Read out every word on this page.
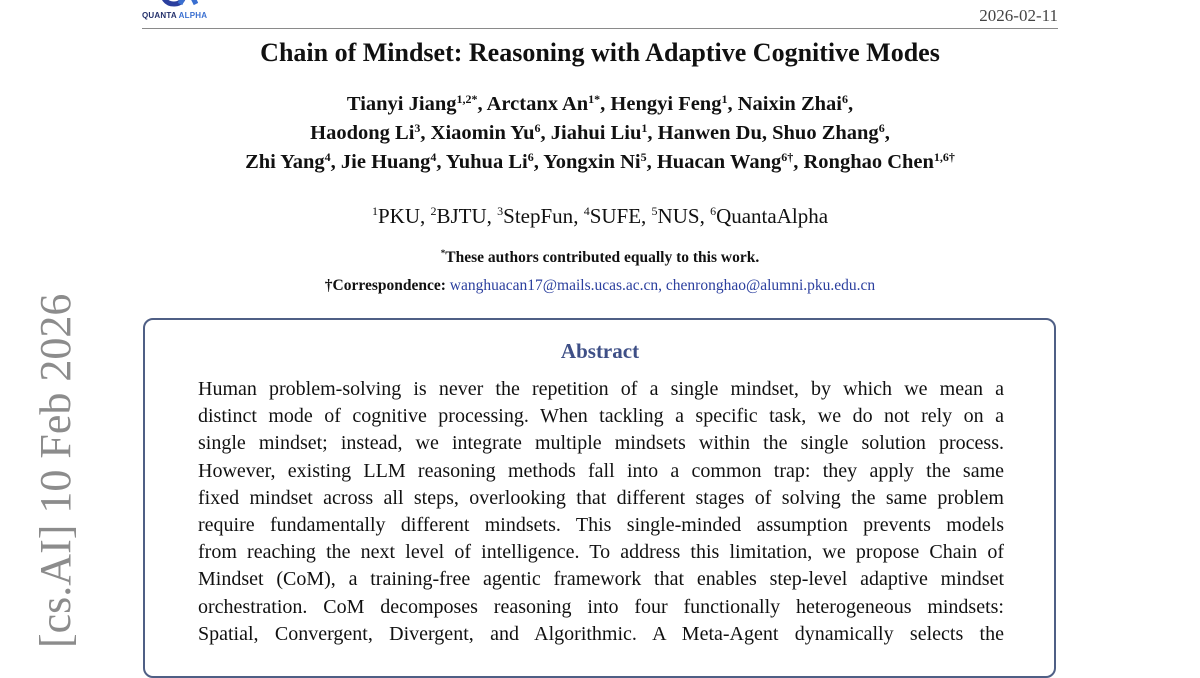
QUANTA ALPHA	2026-02-11
Chain of Mindset: Reasoning with Adaptive Cognitive Modes
Tianyi Jiang$^{1,2*}$, Arctanx $An^{1*}$, Hengyi Feng$^1$, Naixin Zhai$^6$,
Haodong Li$^3$, Xiaomin Yu$^6$, Jiahui Liu$^1$, Hanwen Du, Shuo Zhang$^6$,
Zhi Yang$^4$, Jie Huang$^4$, Yuhua Li$^6$, Yongxin Ni$^5$, Huacan Wang$^{6\dagger}$, Ronghao Chen$^{1,6\dagger}$
$^1$PKU, $^2$BJTU, $^3$StepFun, $^4$SUFE, $^5$NUS, $^6$QuantaAlpha
*These authors contributed equally to this work.
†Correspondence: wanghuacan17@mails.ucas.ac.cn, chenronghao@alumni.pku.edu.cn
Abstract
Human problem-solving is never the repetition of a single mindset, by which we mean a
distinct mode of cognitive processing. When tackling a specific task, we do not rely on a
single mindset; instead, we integrate multiple mindsets within the single solution process.
However, existing LLM reasoning methods fall into a common trap: they apply the same
fixed mindset across all steps, overlooking that different stages of solving the same problem
require fundamentally different mindsets. This single-minded assumption prevents models
from reaching the next level of intelligence. To address this limitation, we propose Chain of
Mindset (CoM), a training-free agentic framework that enables step-level adaptive mindset
orchestration. CoM decomposes reasoning into four functionally heterogeneous mindsets:
Spatial, Convergent, Divergent, and Algorithmic. A Meta-Agent dynamically selects the
[cs.AI] 10 Feb 2026
